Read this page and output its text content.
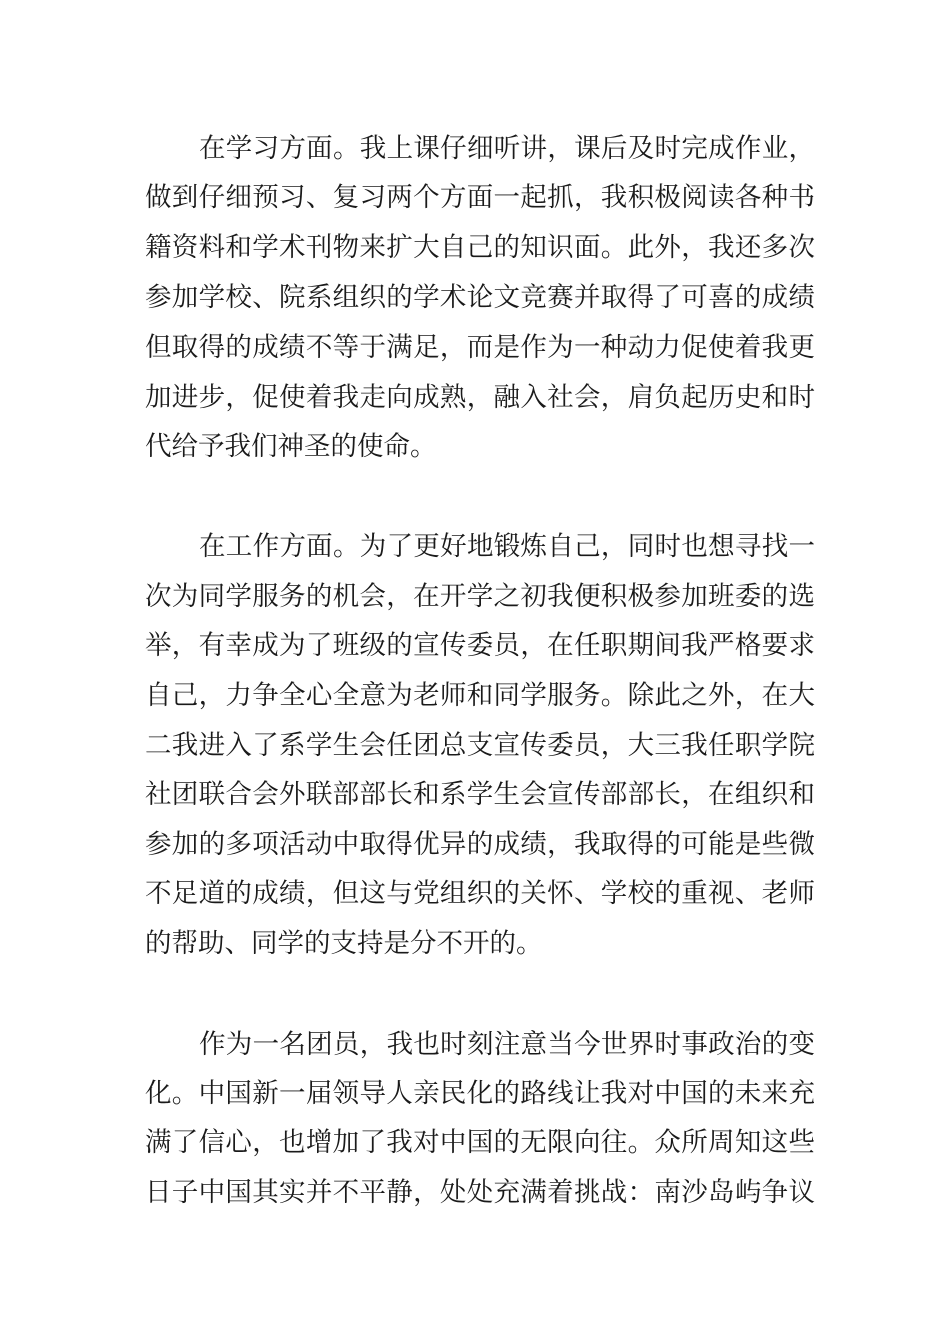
在学习方面。我上课仔细听讲，课后及时完成作业，
做到仔细预习、复习两个方面一起抓，我积极阅读各种书
籍资料和学术刊物来扩大自己的知识面。此外，我还多次
参加学校、院系组织的学术论文竞赛并取得了可喜的成绩
但取得的成绩不等于满足，而是作为一种动力促使着我更
加进步，促使着我走向成熟，融入社会，肩负起历史和时
代给予我们神圣的使命。
在工作方面。为了更好地锻炼自己，同时也想寻找一
次为同学服务的机会，在开学之初我便积极参加班委的选
举，有幸成为了班级的宣传委员，在任职期间我严格要求
自己，力争全心全意为老师和同学服务。除此之外，在大
二我进入了系学生会任团总支宣传委员，大三我任职学院
社团联合会外联部部长和系学生会宣传部部长，在组织和
参加的多项活动中取得优异的成绩，我取得的可能是些微
不足道的成绩，但这与党组织的关怀、学校的重视、老师
的帮助、同学的支持是分不开的。
作为一名团员，我也时刻注意当今世界时事政治的变
化。中国新一届领导人亲民化的路线让我对中国的未来充
满了信心，也增加了我对中国的无限向往。众所周知这些
日子中国其实并不平静，处处充满着挑战：南沙岛屿争议
